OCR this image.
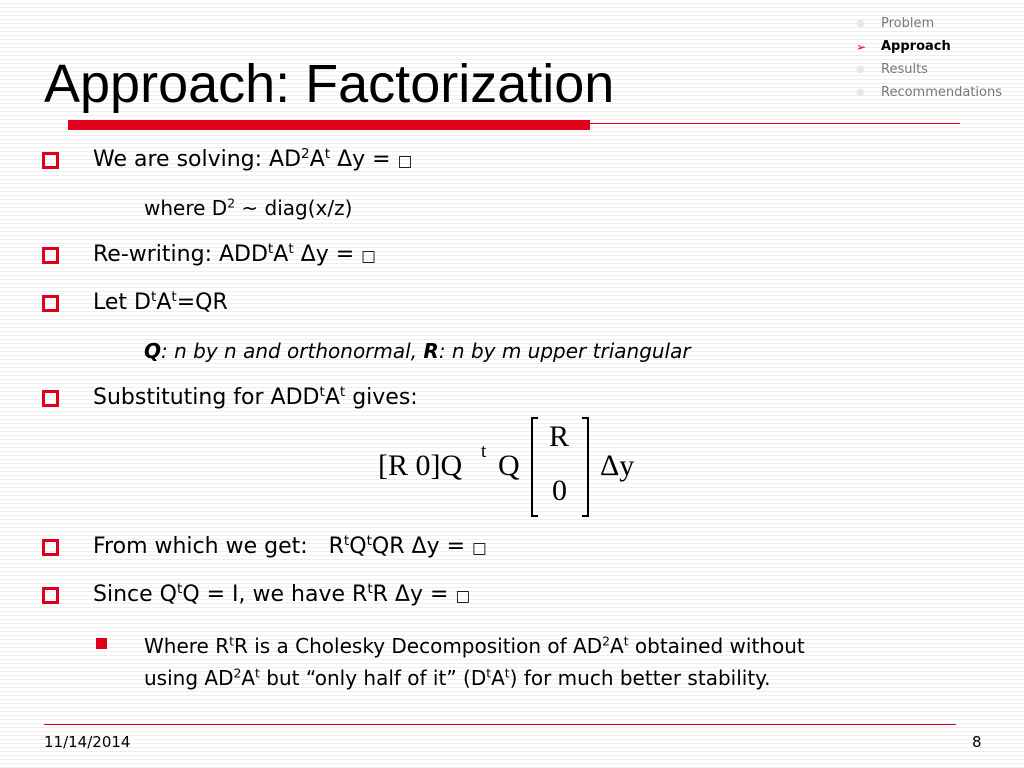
●	Problem
➢	Approach
●	Results
●	Recommendations
Approach: Factorization
We are solving: $AD^2A^t$ Δy = □
where $D^2$ ~ diag(x/z)
Re-writing: $ADD^tA^t$ Δy = □
Let $D^tA^t=QR$
Q: n by n and orthonormal, R: n by m upper triangular
Substituting for $ADD^tA^t$ gives:
[R 0]Q t Q
R
0
Δy
From which we get:   $R^tQ^tQR$ Δy = □
Since $Q^tQ = I$, we have $R^tR$ Δy = □
Where $R^tR$ is a Cholesky Decomposition of $AD^2A^t$ obtained without
using $AD^2A^t$ but “only half of it” $(D^tA^t)$ for much better stability.
11/14/2014	8
